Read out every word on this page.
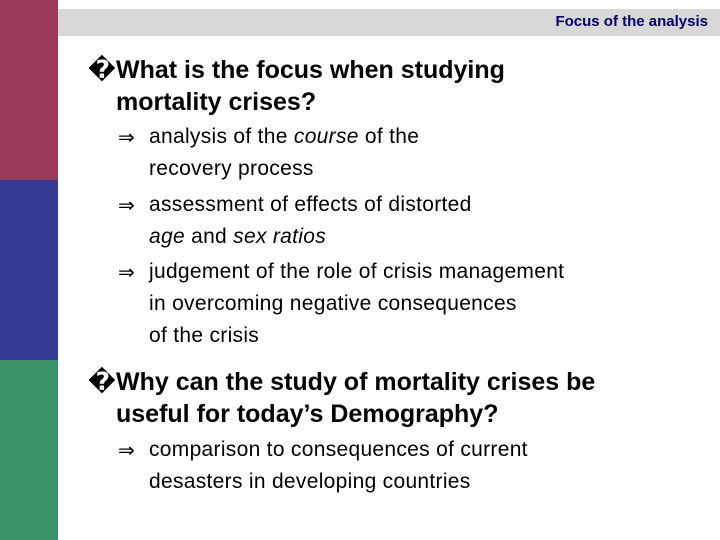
Focus of the analysis
� What is the focus when studying
mortality crises?
⇒ analysis of the course of the
recovery process
⇒ assessment of effects of distorted
age and sex ratios
⇒ judgement of the role of crisis management
in overcoming negative consequences
of the crisis
� Why can the study of mortality crises be
useful for today’s Demography?
⇒ comparison to consequences of current
desasters in developing countries
